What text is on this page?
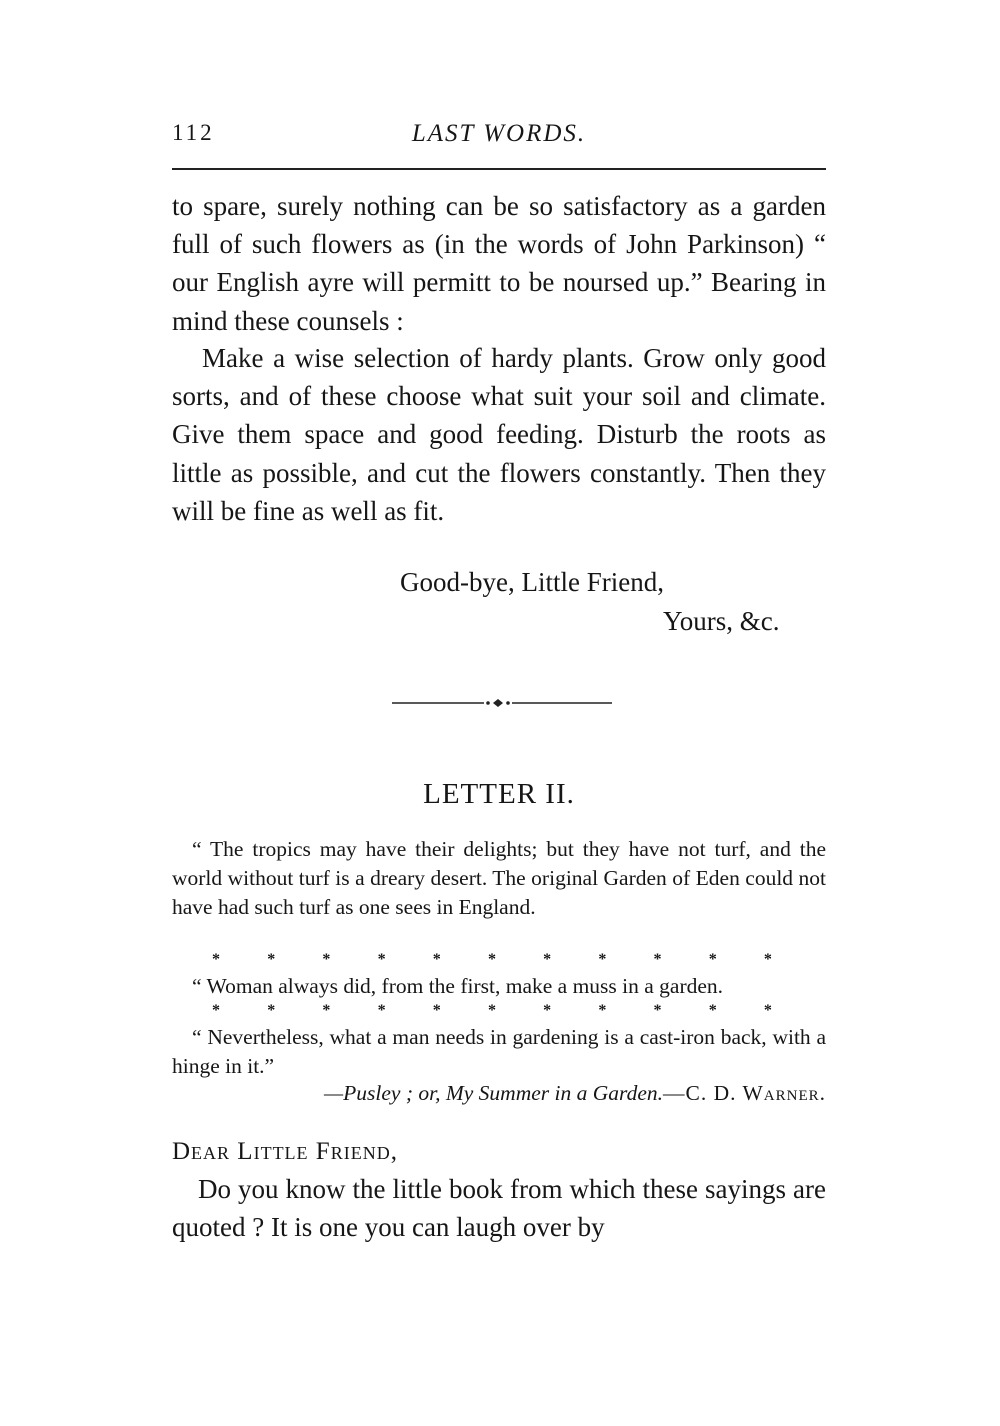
112	LAST WORDS.

to spare, surely nothing can be so satisfactory as a garden full of such flowers as (in the words of John Parkinson) “ our English ayre will permitt to be noursed up.” Bearing in mind these counsels :

Make a wise selection of hardy plants. Grow only good sorts, and of these choose what suit your soil and climate. Give them space and good feeding. Disturb the roots as little as possible, and cut the flowers constantly. Then they will be fine as well as fit.

Good-bye, Little Friend,
Yours, &c.
LETTER II.

“ The tropics may have their delights; but they have not turf, and the world without turf is a dreary desert. The original Garden of Eden could not have had such turf as one sees in England.

*	*	*	*	*	*	*	*	*	*	*

“ Woman always did, from the first, make a muss in a garden.

*	*	*	*	*	*	*	*	*	*	*

“ Nevertheless, what a man needs in gardening is a cast-iron back, with a hinge in it.”

—Pusley ; or, My Summer in a Garden.—C. D. Warner.
Dear Little Friend,

Do you know the little book from which these sayings are quoted ? It is one you can laugh over by
